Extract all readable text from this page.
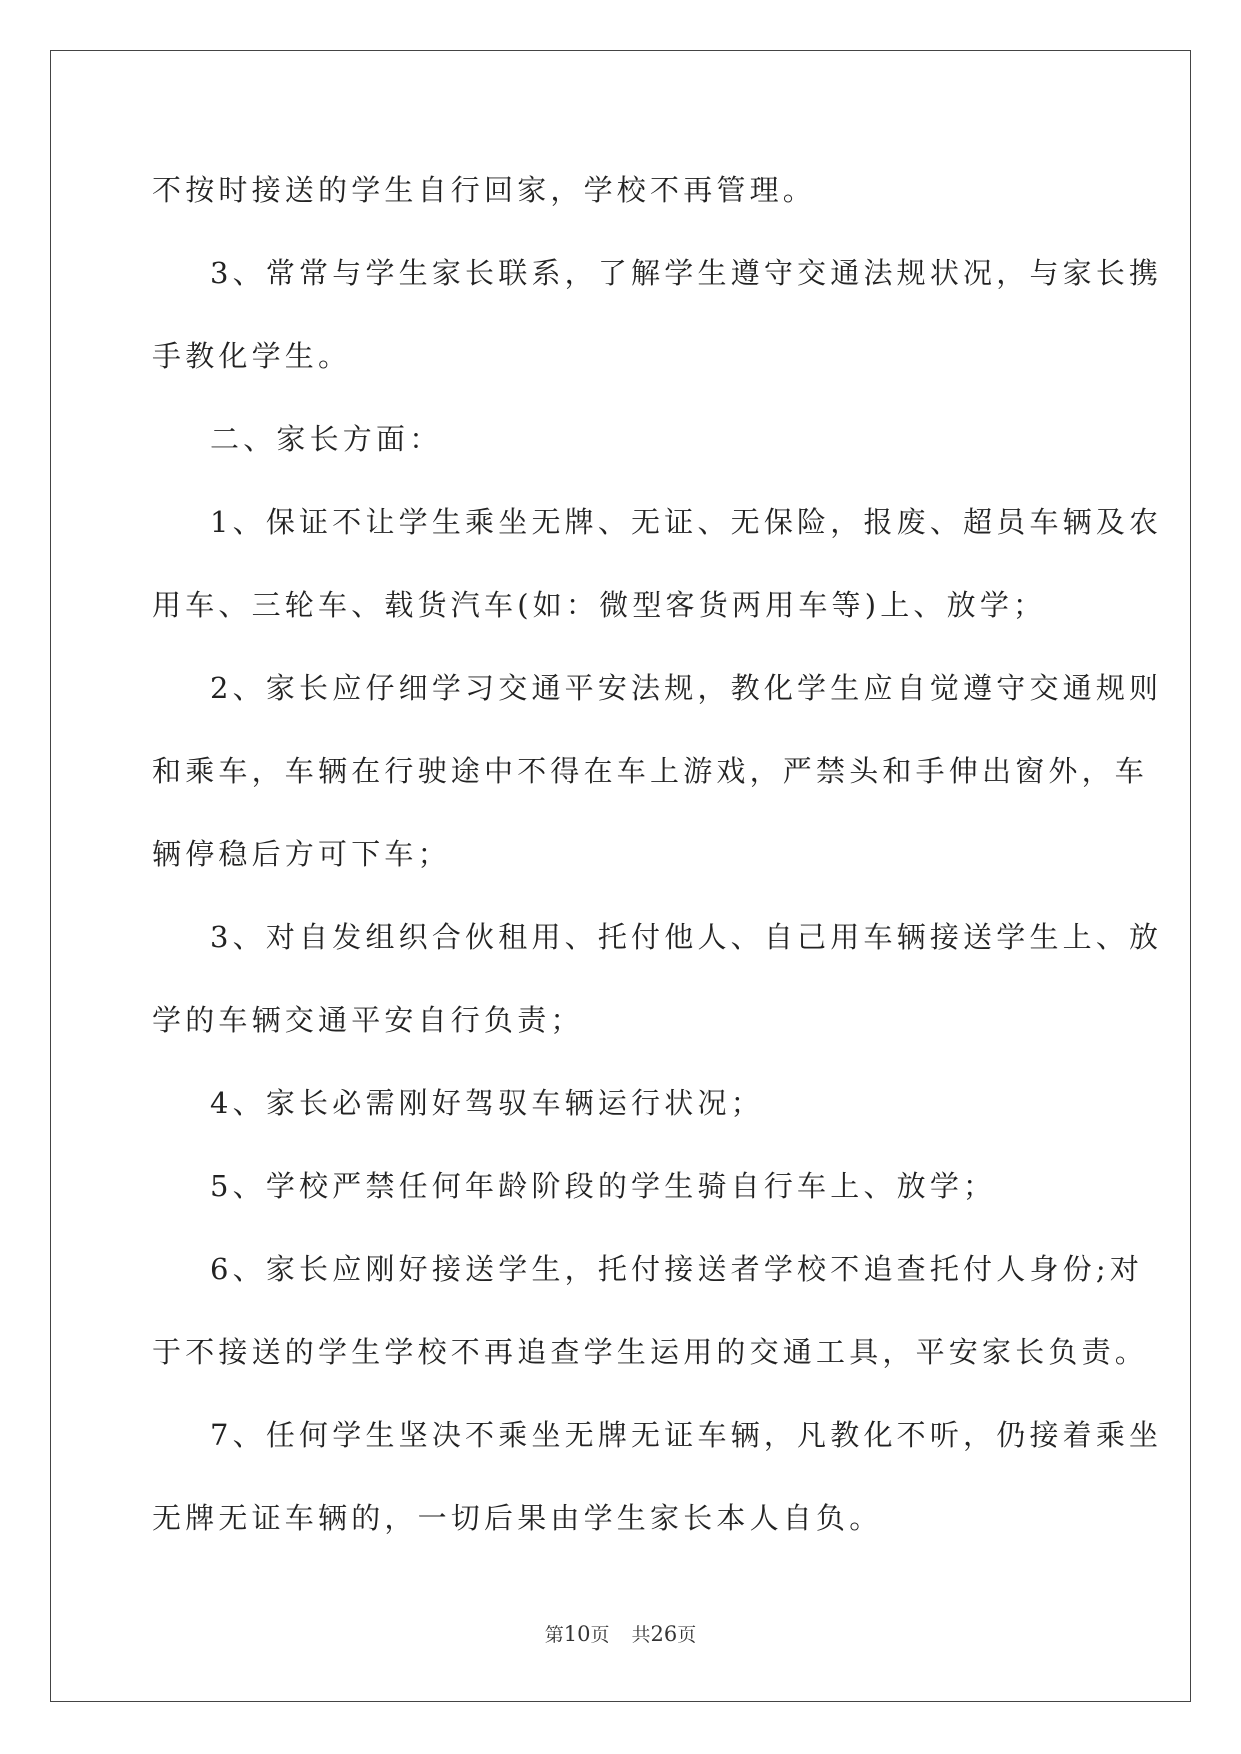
不按时接送的学生自行回家，学校不再管理。
3、常常与学生家长联系，了解学生遵守交通法规状况，与家长携
手教化学生。
二、家长方面：
1、保证不让学生乘坐无牌、无证、无保险，报废、超员车辆及农
用车、三轮车、载货汽车(如：微型客货两用车等)上、放学；
2、家长应仔细学习交通平安法规，教化学生应自觉遵守交通规则
和乘车，车辆在行驶途中不得在车上游戏，严禁头和手伸出窗外，车
辆停稳后方可下车；
3、对自发组织合伙租用、托付他人、自己用车辆接送学生上、放
学的车辆交通平安自行负责；
4、家长必需刚好驾驭车辆运行状况；
5、学校严禁任何年龄阶段的学生骑自行车上、放学；
6、家长应刚好接送学生，托付接送者学校不追查托付人身份;对
于不接送的学生学校不再追查学生运用的交通工具，平安家长负责。
7、任何学生坚决不乘坐无牌无证车辆，凡教化不听，仍接着乘坐
无牌无证车辆的，一切后果由学生家长本人自负。
第10页 共26页
